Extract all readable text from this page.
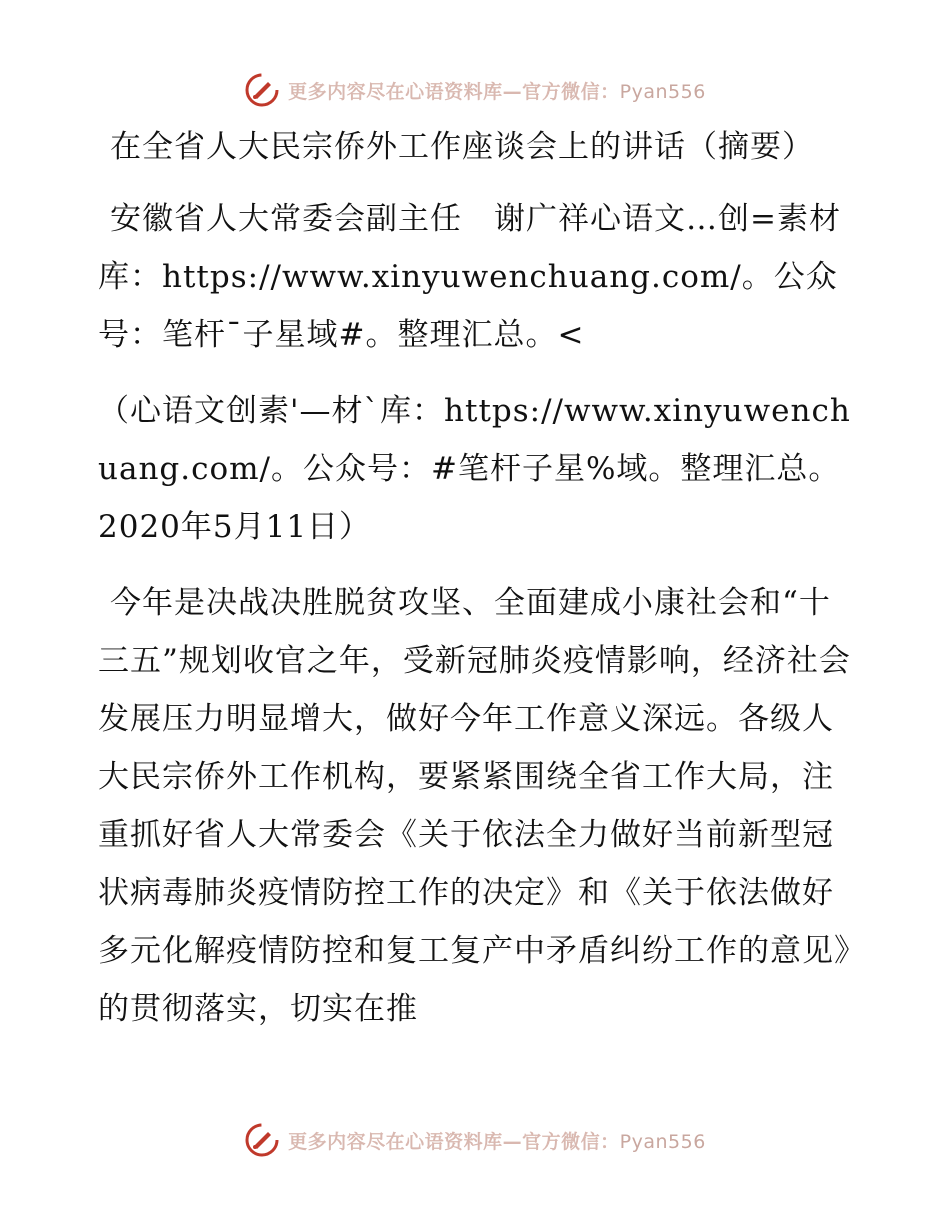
更多内容尽在心语资料库—官方微信：Pyan556

在全省人大民宗侨外工作座谈会上的讲话（摘要）

安徽省人大常委会副主任　谢广祥心语文…创=素材库：https://www.xinyuwenchuang.com/。公众号：笔杆¯子星域#。整理汇总。<

（心语文创素'—材`库：https://www.xinyuwenchuang.com/。公众号：#笔杆子星%域。整理汇总。2020年5月11日）

今年是决战决胜脱贫攻坚、全面建成小康社会和“十三五”规划收官之年，受新冠肺炎疫情影响，经济社会发展压力明显增大，做好今年工作意义深远。各级人大民宗侨外工作机构，要紧紧围绕全省工作大局，注重抓好省人大常委会《关于依法全力做好当前新型冠状病毒肺炎疫情防控工作的决定》和《关于依法做好多元化解疫情防控和复工复产中矛盾纠纷工作的意见》的贯彻落实，切实在推

更多内容尽在心语资料库—官方微信：Pyan556
